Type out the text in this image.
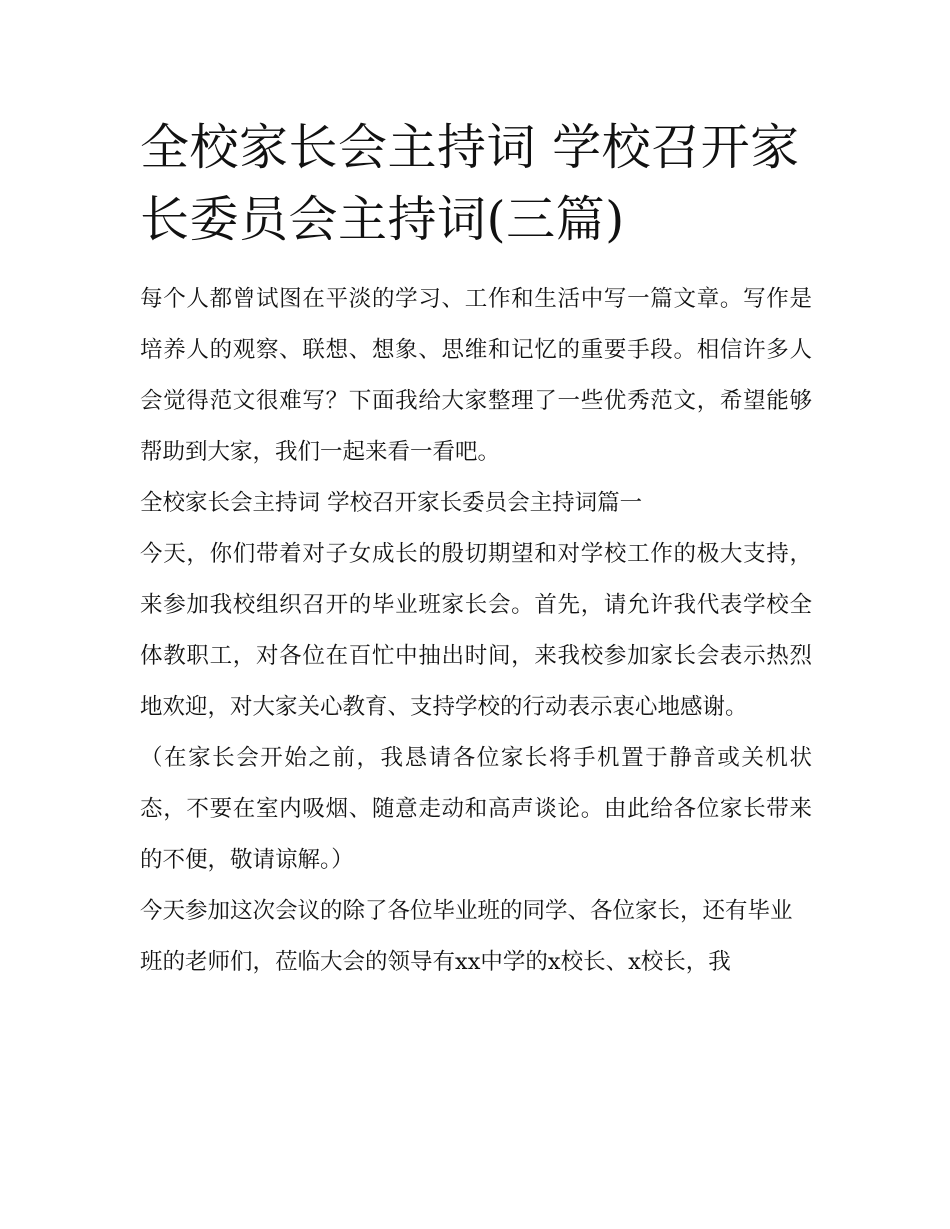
全校家长会主持词 学校召开家长委员会主持词(三篇)

每个人都曾试图在平淡的学习、工作和生活中写一篇文章。写作是培养人的观察、联想、想象、思维和记忆的重要手段。相信许多人会觉得范文很难写？下面我给大家整理了一些优秀范文，希望能够帮助到大家，我们一起来看一看吧。

全校家长会主持词 学校召开家长委员会主持词篇一

今天，你们带着对子女成长的殷切期望和对学校工作的极大支持，来参加我校组织召开的毕业班家长会。首先，请允许我代表学校全体教职工，对各位在百忙中抽出时间，来我校参加家长会表示热烈地欢迎，对大家关心教育、支持学校的行动表示衷心地感谢。

（在家长会开始之前，我恳请各位家长将手机置于静音或关机状态，不要在室内吸烟、随意走动和高声谈论。由此给各位家长带来的不便，敬请谅解。）

今天参加这次会议的除了各位毕业班的同学、各位家长，还有毕业

班的老师们，莅临大会的领导有xx中学的x校长、x校长，我
